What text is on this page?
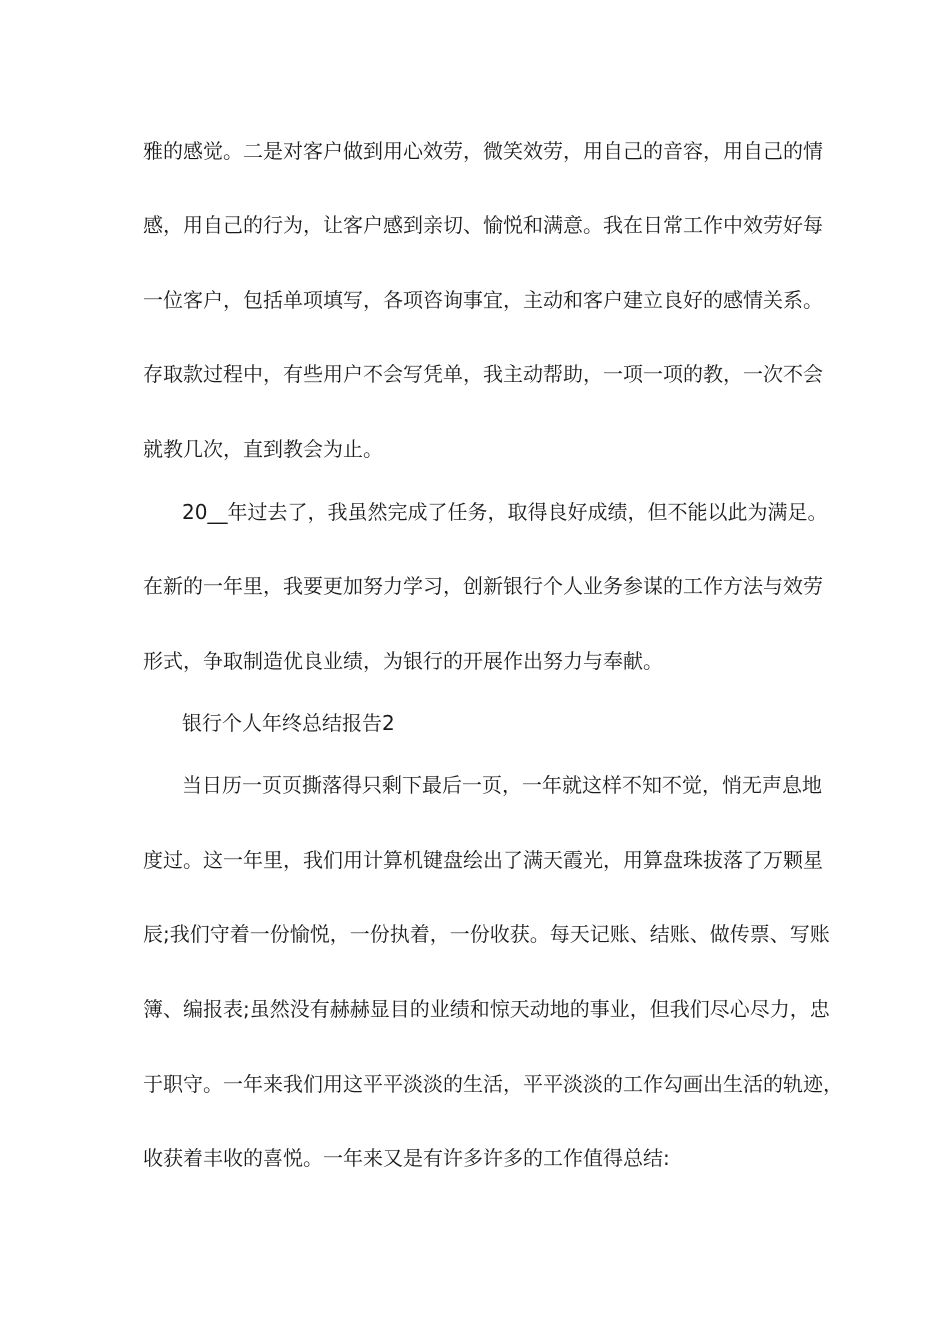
雅的感觉。二是对客户做到用心效劳，微笑效劳，用自己的音容，用自己的情
感，用自己的行为，让客户感到亲切、愉悦和满意。我在日常工作中效劳好每
一位客户，包括单项填写，各项咨询事宜，主动和客户建立良好的感情关系。
存取款过程中，有些用户不会写凭单，我主动帮助，一项一项的教，一次不会
就教几次，直到教会为止。
20__年过去了，我虽然完成了任务，取得良好成绩，但不能以此为满足。
在新的一年里，我要更加努力学习，创新银行个人业务参谋的工作方法与效劳
形式，争取制造优良业绩，为银行的开展作出努力与奉献。
银行个人年终总结报告2
当日历一页页撕落得只剩下最后一页，一年就这样不知不觉，悄无声息地
度过。这一年里，我们用计算机键盘绘出了满天霞光，用算盘珠拔落了万颗星
辰;我们守着一份愉悦，一份执着，一份收获。每天记账、结账、做传票、写账
簿、编报表;虽然没有赫赫显目的业绩和惊天动地的事业，但我们尽心尽力，忠
于职守。一年来我们用这平平淡淡的生活，平平淡淡的工作勾画出生活的轨迹，
收获着丰收的喜悦。一年来又是有许多许多的工作值得总结:
